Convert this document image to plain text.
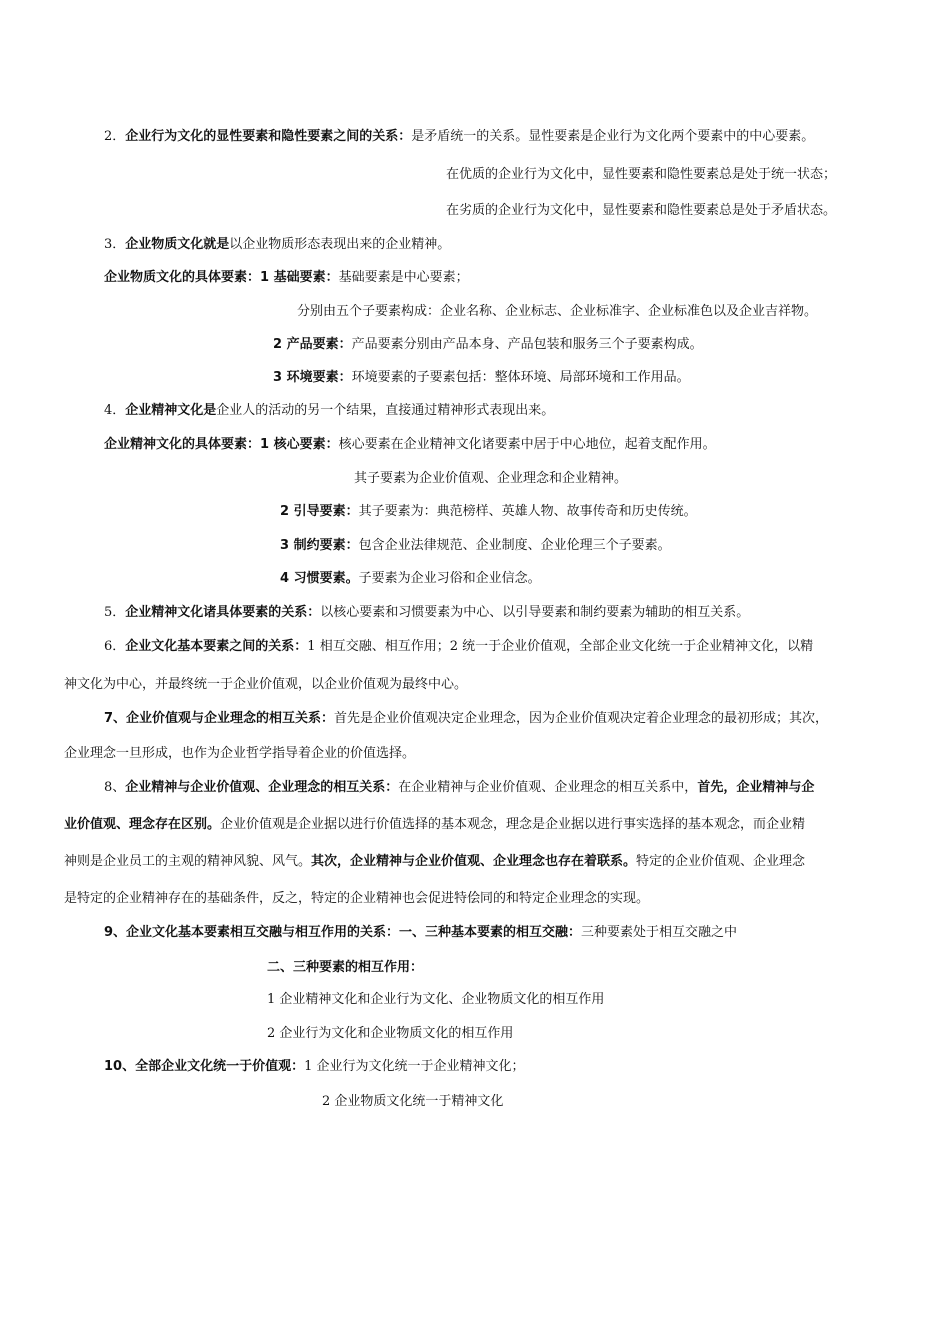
2．企业行为文化的显性要素和隐性要素之间的关系：是矛盾统一的关系。显性要素是企业行为文化两个要素中的中心要素。
在优质的企业行为文化中，显性要素和隐性要素总是处于统一状态；
在劣质的企业行为文化中，显性要素和隐性要素总是处于矛盾状态。
3．企业物质文化就是以企业物质形态表现出来的企业精神。
企业物质文化的具体要素：1 基础要素：基础要素是中心要素；
分别由五个子要素构成：企业名称、企业标志、企业标准字、企业标准色以及企业吉祥物。
2 产品要素：产品要素分别由产品本身、产品包装和服务三个子要素构成。
3 环境要素：环境要素的子要素包括：整体环境、局部环境和工作用品。
4．企业精神文化是企业人的活动的另一个结果，直接通过精神形式表现出来。
企业精神文化的具体要素：1 核心要素：核心要素在企业精神文化诸要素中居于中心地位，起着支配作用。
其子要素为企业价值观、企业理念和企业精神。
2 引导要素：其子要素为：典范榜样、英雄人物、故事传奇和历史传统。
3 制约要素：包含企业法律规范、企业制度、企业伦理三个子要素。
4 习惯要素。子要素为企业习俗和企业信念。
5．企业精神文化诸具体要素的关系：以核心要素和习惯要素为中心、以引导要素和制约要素为辅助的相互关系。
6．企业文化基本要素之间的关系：1 相互交融、相互作用；2 统一于企业价值观，全部企业文化统一于企业精神文化，以精
神文化为中心，并最终统一于企业价值观，以企业价值观为最终中心。
7、企业价值观与企业理念的相互关系：首先是企业价值观决定企业理念，因为企业价值观决定着企业理念的最初形成；其次，
企业理念一旦形成，也作为企业哲学指导着企业的价值选择。
8、企业精神与企业价值观、企业理念的相互关系：在企业精神与企业价值观、企业理念的相互关系中，首先，企业精神与企
业价值观、理念存在区别。企业价值观是企业据以进行价值选择的基本观念，理念是企业据以进行事实选择的基本观念，而企业精
神则是企业员工的主观的精神风貌、风气。其次，企业精神与企业价值观、企业理念也存在着联系。特定的企业价值观、企业理念
是特定的企业精神存在的基础条件，反之，特定的企业精神也会促进特侩同的和特定企业理念的实现。
9、企业文化基本要素相互交融与相互作用的关系：一、三种基本要素的相互交融：三种要素处于相互交融之中
二、三种要素的相互作用：
1 企业精神文化和企业行为文化、企业物质文化的相互作用
2 企业行为文化和企业物质文化的相互作用
10、全部企业文化统一于价值观：1 企业行为文化统一于企业精神文化；
2 企业物质文化统一于精神文化
